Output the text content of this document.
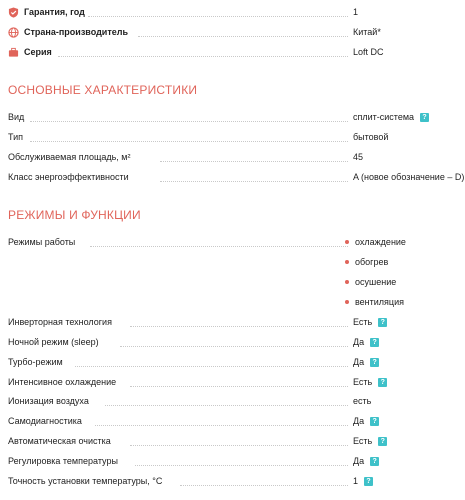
Гарантия, год	1
Страна-производитель	Китай*
Серия	Loft DC
ОСНОВНЫЕ ХАРАКТЕРИСТИКИ
Вид	сплит-система	?
Тип	бытовой
Обслуживаемая площадь, м²	45
Класс энергоэффективности	A (новое обозначение – D)
РЕЖИМЫ И ФУНКЦИИ
Режимы работы	охлаждение
обогрев
осушение
вентиляция
Инверторная технология	Есть	?
Ночной режим (sleep)	Да	?
Турбо-режим	Да	?
Интенсивное охлаждение	Есть	?
Ионизация воздуха	есть
Самодиагностика	Да	?
Автоматическая очистка	Есть	?
Регулировка температуры	Да	?
Точность установки температуры, °C	1	?
